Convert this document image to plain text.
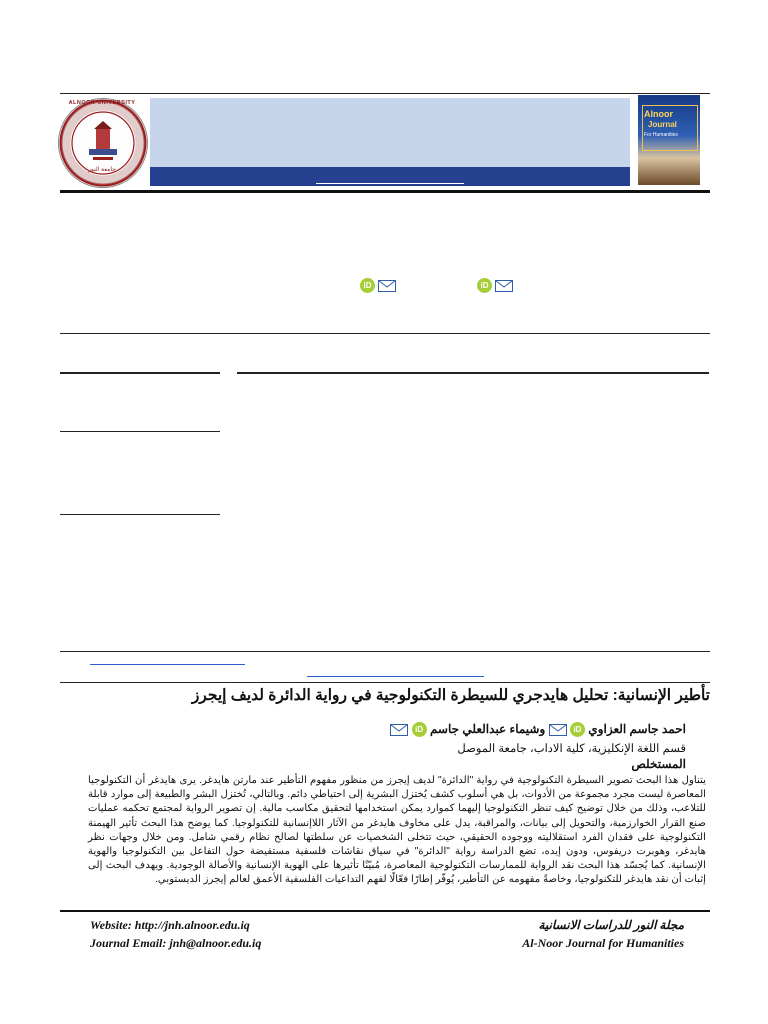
ALNOOR UNIVERSITY
جامعة النور
Alnoor
Journal
For Humanities
iD	iD
تأطير الإنسانية: تحليل هايدجري للسيطرة التكنولوجية في رواية الدائرة لديف إيجرز
احمد جاسم العزاوي iD
وشيماء عبدالعلي جاسم iD
قسم اللغة الإنكليزية، كلية الاداب، جامعة الموصل
المستخلص
يتناول هذا البحث تصوير السيطرة التكنولوجية في رواية "الدائرة" لديف إيجرز من منظور مفهوم التأطير عند مارتن هايدغر. يرى هايدغر أن التكنولوجيا المعاصرة ليست مجرد مجموعة من الأدوات، بل هي أسلوب كشف يُختزل البشرية إلى احتياطي دائم. وبالتالي، تُختزل البشر والطبيعة إلى موارد قابلة للتلاعب، وذلك من خلال توضيح كيف تنظر التكنولوجيا إليهما كموارد يمكن استخدامها لتحقيق مكاسب مالية. إن تصوير الرواية لمجتمع تحكمه عمليات صنع القرار الخوارزمية، والتحويل إلى بيانات، والمراقبة، يدل على مخاوف هايدغر من الآثار اللاإنسانية للتكنولوجيا. كما يوضح هذا البحث تأثير الهيمنة التكنولوجية على فقدان الفرد استقلاليته ووجوده الحقيقي، حيث تتخلى الشخصيات عن سلطتها لصالح نظام رقمي شامل. ومن خلال وجهات نظر هايدغر، وهوبرت دريفوس، ودون إيده، تضع الدراسة رواية "الدائرة" في سياق نقاشات فلسفية مستفيضة حول التفاعل بين التكنولوجيا والهوية الإنسانية. كما يُجسّد هذا البحث نقد الرواية للممارسات التكنولوجية المعاصرة، مُبيّنًا تأثيرها على الهوية الإنسانية والأصالة الوجودية. ويهدف البحث إلى إثبات أن نقد هايدغر للتكنولوجيا، وخاصةً مفهومه عن التأطير، يُوفّر إطارًا فعّالًا لفهم التداعيات الفلسفية الأعمق لعالم إيجرز الديستوبي.
Website: http://jnh.alnoor.edu.iq
Journal Email: jnh@alnoor.edu.iq
مجلة النور للدراسات الانسانية
Al-Noor Journal for Humanities
